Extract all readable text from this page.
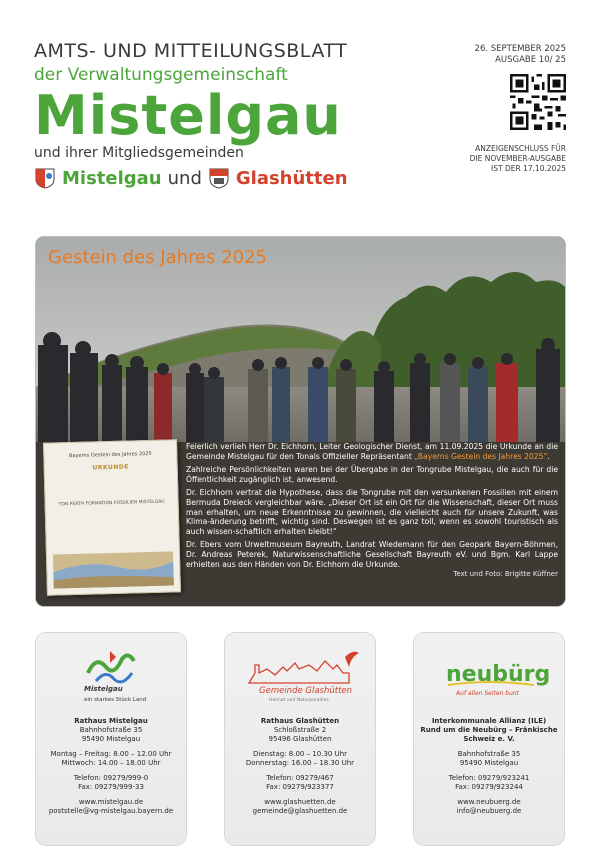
AMTS- UND MITTEILUNGSBLATT
der Verwaltungsgemeinschaft
Mistelgau
und ihrer Mitgliedsgemeinden
Mistelgau und Glashütten
26. SEPTEMBER 2025
AUSGABE 10/ 25
ANZEIGENSCHLUSS FÜR
DIE NOVEMBER-AUSGABE
IST DER 17.10.2025
Gestein des Jahres 2025
Bayerns Gestein des Jahres 2025
URKUNDE
TON PERTH FORMATION FOSSILIEN MISTELGAU

Feierlich verlieh Herr Dr. Eichhorn, Leiter Geologischer Dienst, am 11.09.2025 die Urkunde an die Gemeinde Mistelgau für den Tonals Offizieller Repräsentant „Bayerns Gestein des Jahres 2025“.

Zahlreiche Persönlichkeiten waren bei der Übergabe in der Tongrube Mistelgau, die auch für die Öffentlichkeit zugänglich ist, anwesend.

Dr. Eichhorn vertrat die Hypothese, dass die Tongrube mit den versunkenen Fossilien mit einem Bermuda Dreieck vergleichbar wäre. „Dieser Ort ist ein Ort für die Wissenschaft, dieser Ort muss man erhalten, um neue Erkenntnisse zu gewinnen, die vielleicht auch für unsere Zukunft, was Klima-änderung betrifft, wichtig sind. Deswegen ist es ganz toll, wenn es sowohl touristisch als auch wissen-schaftlich erhalten bleibt!“

Dr. Ebers vom Urweltmuseum Bayreuth, Landrat Wiedemann für den Geopark Bayern-Böhmen, Dr. Andreas Peterek, Naturwissenschaftliche Gesellschaft Bayreuth eV. und Bgm. Karl Lappe erhielten aus den Händen von Dr. Eichhorn die Urkunde.

Text und Foto: Brigitte Küffner
Mistelgau
ein starkes Stück Land
Rathaus Mistelgau
Bahnhofstraße 35
95490 Mistelgau
Montag – Freitag: 8.00 – 12.00 Uhr
Mittwoch: 14.00 – 18.00 Uhr
Telefon: 09279/999-0
Fax: 09279/999-33
www.mistelgau.de
poststelle@vg-mistelgau.bayern.de
Gemeinde Glashütten
Heimat und Naturparadies
Rathaus Glashütten
Schloßstraße 2
95496 Glashütten
Dienstag: 8.00 – 10.30 Uhr
Donnerstag: 16.00 – 18.30 Uhr
Telefon: 09279/467
Fax: 09279/923377
www.glashuetten.de
gemeinde@glashuetten.de
neubürg
Auf allen Seiten bunt
Interkommunale Allianz (ILE)
Rund um die Neubürg – Fränkische
Schweiz e. V.
Bahnhofstraße 35
95490 Mistelgau
Telefon: 09279/923241
Fax: 09279/923244
www.neubuerg.de
info@neubuerg.de
